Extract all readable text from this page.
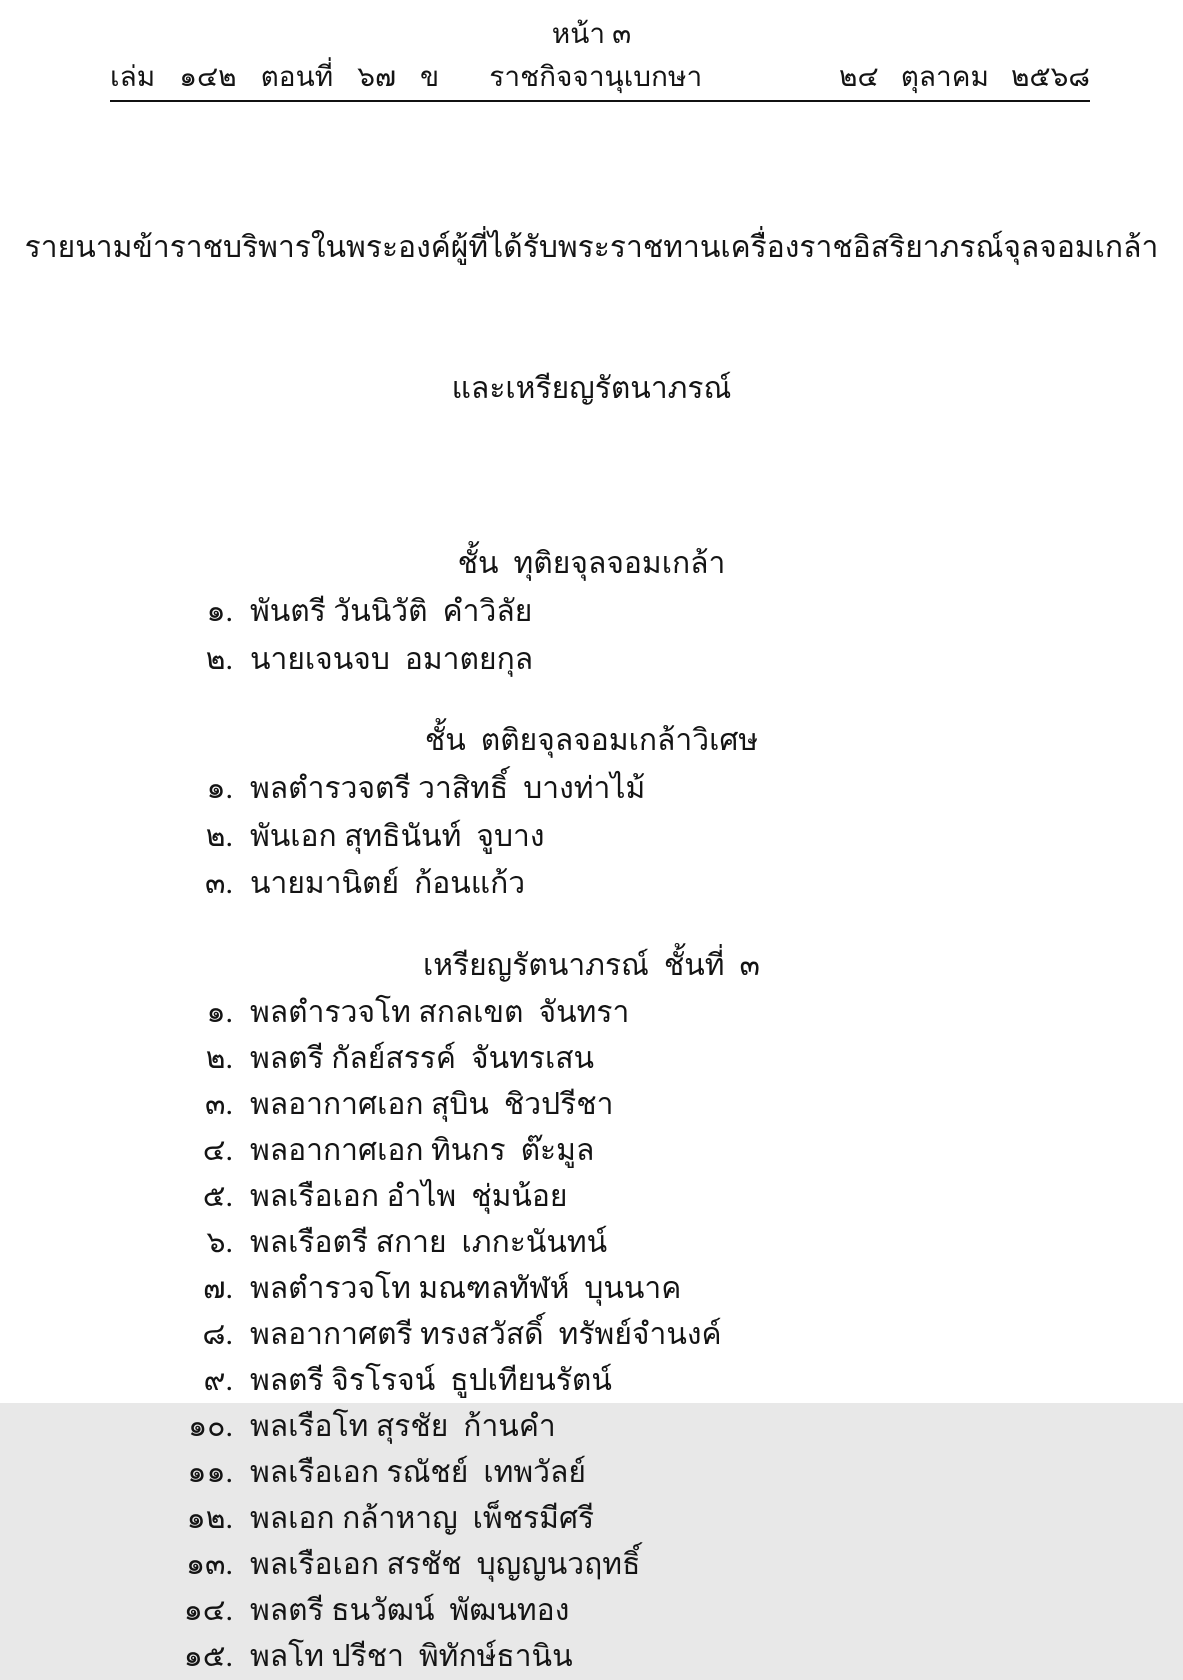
หน้า ๓
เล่ม ๑๔๒ ตอนที่ ๖๗ ข ราชกิจจานุเบกษา	๒๔ ตุลาคม ๒๕๖๘

รายนามข้าราชบริพารในพระองค์ผู้ที่ได้รับพระราชทานเครื่องราชอิสริยาภรณ์จุลจอมเกล้า

และเหรียญรัตนาภรณ์

ชั้น  ทุติยจุลจอมเกล้า
๑. พันตรี วันนิวัติ  คำวิลัย
๒. นายเจนจบ  อมาตยกุล
ชั้น  ตติยจุลจอมเกล้าวิเศษ
๑. พลตำรวจตรี วาสิทธิ์  บางท่าไม้
๒. พันเอก สุทธินันท์  จูบาง
๓. นายมานิตย์  ก้อนแก้ว
เหรียญรัตนาภรณ์  ชั้นที่  ๓
๑. พลตำรวจโท สกลเขต  จันทรา
๒. พลตรี กัลย์สรรค์  จันทรเสน
๓. พลอากาศเอก สุบิน  ชิวปรีชา
๔. พลอากาศเอก ทินกร  ต๊ะมูล
๕. พลเรือเอก อำไพ  ชุ่มน้อย
๖. พลเรือตรี สกาย  เภกะนันทน์
๗. พลตำรวจโท มณฑลทัฬห์  บุนนาค
๘. พลอากาศตรี ทรงสวัสดิ์  ทรัพย์จำนงค์
๙. พลตรี จิรโรจน์  ธูปเทียนรัตน์
๑๐. พลเรือโท สุรชัย  ก้านคำ
๑๑. พลเรือเอก รณัชย์  เทพวัลย์
๑๒. พลเอก กล้าหาญ  เพ็ชรมีศรี
๑๓. พลเรือเอก สรชัช  บุญญนวฤทธิ์
๑๔. พลตรี ธนวัฒน์  พัฒนทอง
๑๕. พลโท ปรีชา  พิทักษ์ธานิน
